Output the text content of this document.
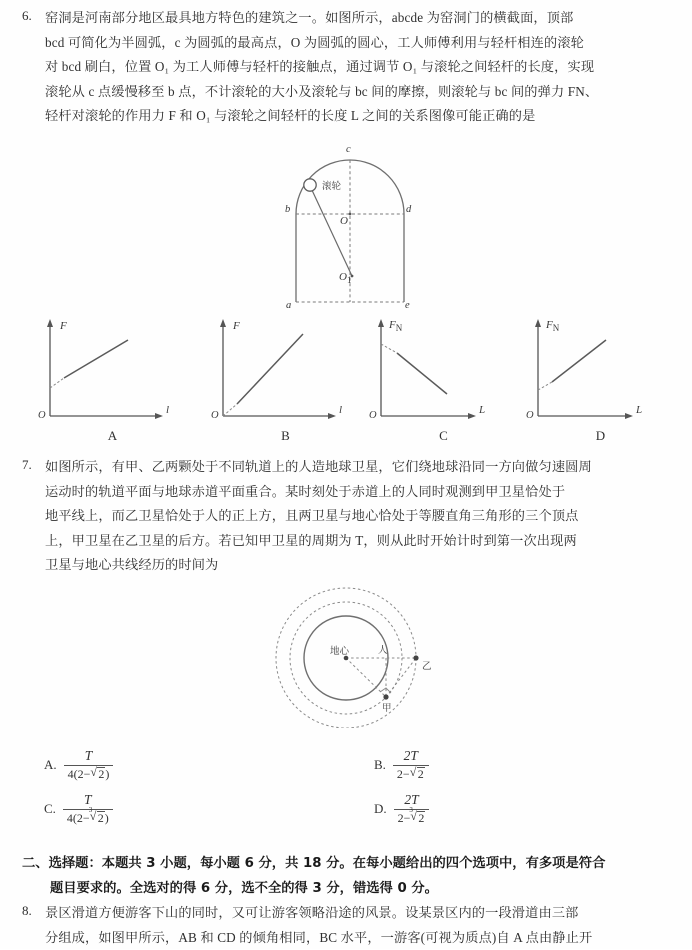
6. 窑洞是河南部分地区最具地方特色的建筑之一。如图所示，abcde 为窑洞门的横截面，顶部
bcd 可简化为半圆弧，c 为圆弧的最高点，O 为圆弧的圆心，工人师傅利用与轻杆相连的滚轮
对 bcd 刷白，位置 O₁ 为工人师傅与轻杆的接触点，通过调节 O₁ 与滚轮之间轻杆的长度，实现
滚轮从 c 点缓慢移至 b 点，不计滚轮的大小及滚轮与 bc 间的摩擦，则滚轮与 bc 间的弹力 FN、
轻杆对滚轮的作用力 F 和 O₁ 与滚轮之间轻杆的长度 L 之间的关系图像可能正确的是
c
b	d
a	e
O
$O_1$
滚轮
F
l
O
A
F
l
O
B
$F_N$
L
O
C
$F_N$
L
O
D
7. 如图所示，有甲、乙两颗处于不同轨道上的人造地球卫星，它们绕地球沿同一方向做匀速圆周
运动时的轨道平面与地球赤道平面重合。某时刻处于赤道上的人同时观测到甲卫星恰处于
地平线上，而乙卫星恰处于人的正上方，且两卫星与地心恰处于等腰直角三角形的三个顶点
上，甲卫星在乙卫星的后方。若已知甲卫星的周期为 T，则从此时开始计时到第一次出现两
卫星与地心共线经历的时间为
地心	人
乙
甲
A. $\frac{T}{4(2- √ 2)}$	B. $\frac{2T}{2- √ 2}$
C. T
4(2−
√ 3
2)	D. 2T
2−
√ 3
2
二、选择题：本题共 3 小题，每小题 6 分，共 18 分。在每小题给出的四个选项中，有多项是符合
题目要求的。全选对的得 6 分，选不全的得 3 分，错选得 0 分。
8. 景区滑道方便游客下山的同时，又可让游客领略沿途的风景。设某景区内的一段滑道由三部
分组成，如图甲所示，AB 和 CD 的倾角相同，BC 水平，一游客(可视为质点)自 A 点由静止开
